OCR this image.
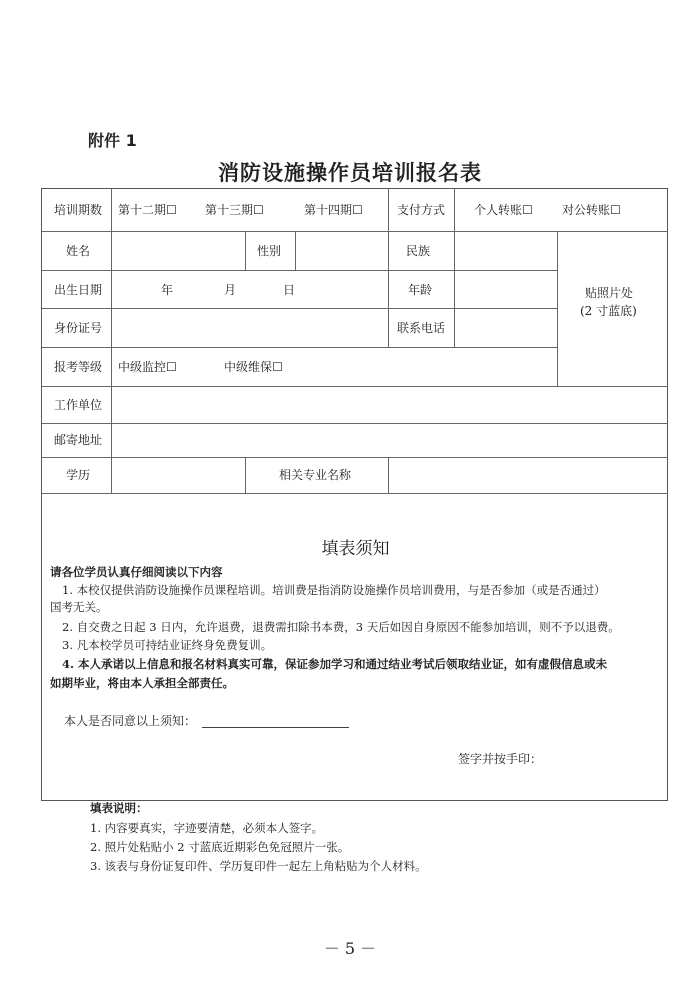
附件 1
消防设施操作员培训报名表
培训期数 第十二期☐ 第十三期☐	第十四期☐	支付方式 个人转账☐ 对公转账☐
姓名	性别	民族
出生日期	年	月	日	年龄
身份证号	联系电话
贴照片处
(2 寸蓝底)
报考等级 中级监控☐	中级维保☐
工作单位
邮寄地址
学历	相关专业名称
填表须知
请各位学员认真仔细阅读以下内容
1. 本校仅提供消防设施操作员课程培训。培训费是指消防设施操作员培训费用，与是否参加（或是否通过）
国考无关。
2. 自交费之日起 3 日内，允许退费，退费需扣除书本费，3 天后如因自身原因不能参加培训，则不予以退费。
3. 凡本校学员可持结业证终身免费复训。
4. 本人承诺以上信息和报名材料真实可靠，保证参加学习和通过结业考试后领取结业证，如有虚假信息或未
如期毕业，将由本人承担全部责任。
本人是否同意以上须知：
签字并按手印：
填表说明：
1. 内容要真实，字迹要清楚，必须本人签字。
2. 照片处粘贴小 2 寸蓝底近期彩色免冠照片一张。
3. 该表与身份证复印件、学历复印件一起左上角粘贴为个人材料。
－ 5 －
